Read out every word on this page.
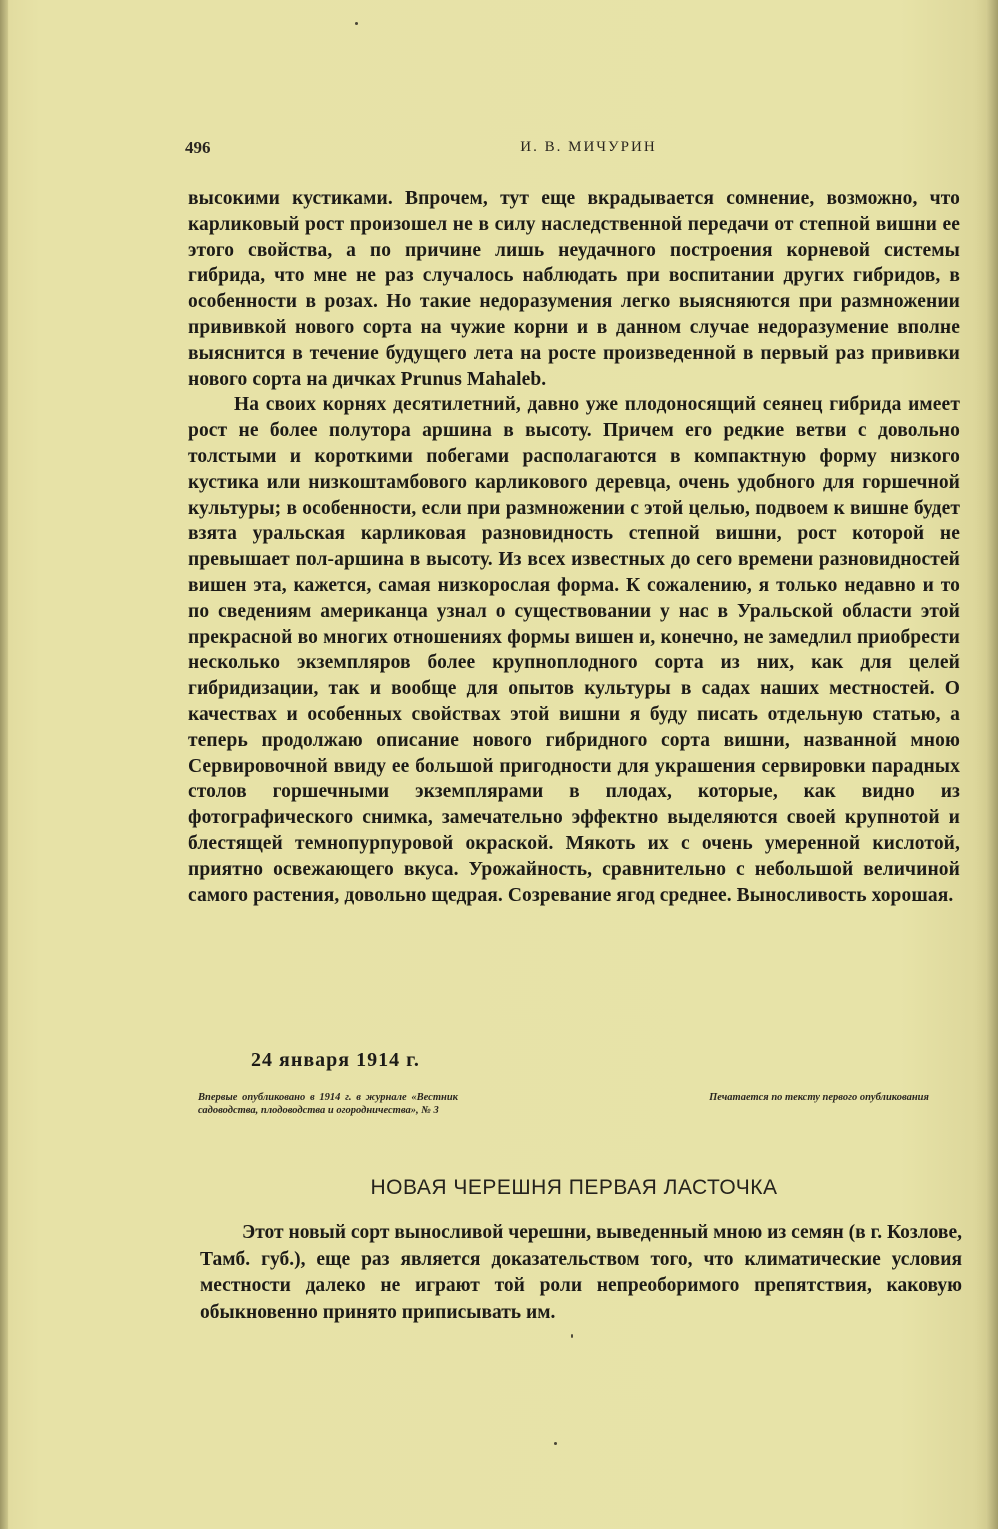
496	И. В. МИЧУРИН

высокими кустиками. Впрочем, тут еще вкрадывается сомнение, возможно, что карликовый рост произошел не в силу наследственной передачи от степной вишни ее этого свойства, а по причине лишь неудачного построения корневой системы гибрида, что мне не раз случалось наблюдать при воспитании других гибридов, в особенности в розах. Но такие недоразумения легко выясняются при размножении прививкой нового сорта на чужие корни и в данном случае недоразумение вполне выяснится в течение будущего лета на росте произведенной в первый раз прививки нового сорта на дичках Prunus Mahaleb.

На своих корнях десятилетний, давно уже плодоносящий сеянец гибрида имеет рост не более полутора аршина в высоту. Причем его редкие ветви с довольно толстыми и короткими побегами располагаются в компактную форму низкого кустика или низкоштамбового карликового деревца, очень удобного для горшечной культуры; в особенности, если при размножении с этой целью, подвоем к вишне будет взята уральская карликовая разновидность степной вишни, рост которой не превышает пол-аршина в высоту. Из всех известных до сего времени разновидностей вишен эта, кажется, самая низкорослая форма. К сожалению, я только недавно и то по сведениям американца узнал о существовании у нас в Уральской области этой прекрасной во многих отношениях формы вишен и, конечно, не замедлил приобрести несколько экземпляров более крупноплодного сорта из них, как для целей гибридизации, так и вообще для опытов культуры в садах наших местностей. О качествах и особенных свойствах этой вишни я буду писать отдельную статью, а теперь продолжаю описание нового гибридного сорта вишни, названной мною Сервировочной ввиду ее большой пригодности для украшения сервировки парадных столов горшечными экземплярами в плодах, которые, как видно из фотографического снимка, замечательно эффектно выделяются своей крупнотой и блестящей темнопурпуровой окраской. Мякоть их с очень умеренной кислотой, приятно освежающего вкуса. Урожайность, сравнительно с небольшой величиной самого растения, довольно щедрая. Созревание ягод среднее. Выносливость хорошая.

24 января 1914 г.
Впервые опубликовано в 1914 г. в журнале «Вестник садоводства, плодоводства и огородничества», № 3
Печатается по тексту первого опубликования
НОВАЯ ЧЕРЕШНЯ ПЕРВАЯ ЛАСТОЧКА

Этот новый сорт выносливой черешни, выведенный мною из семян (в г. Козлове, Тамб. губ.), еще раз является доказательством того, что климатические условия местности далеко не играют той роли непреоборимого препятствия, каковую обыкновенно принято приписывать им.
